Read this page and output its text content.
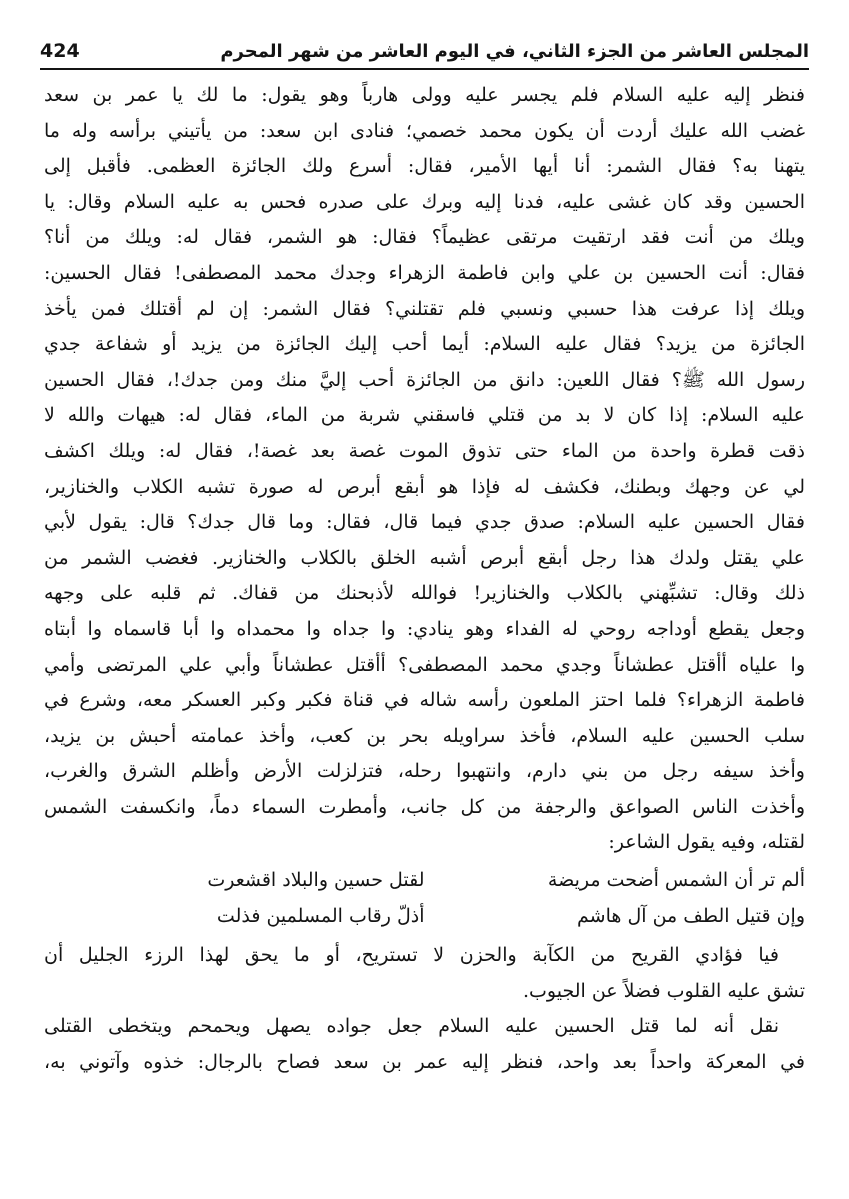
424	المجلس العاشر من الجزء الثاني، في اليوم العاشر من شهر المحرم
فنظر إليه عليه السلام فلم يجسر عليه وولى هارباً وهو يقول: ما لك يا عمر بن سعد
غضب الله عليك أردت أن يكون محمد خصمي؛ فنادى ابن سعد: من يأتيني برأسه وله ما
يتهنا به؟ فقال الشمر: أنا أيها الأمير، فقال: أسرع ولك الجائزة العظمى. فأقبل إلى
الحسين وقد كان غشى عليه، فدنا إليه وبرك على صدره فحس به عليه السلام وقال: يا
ويلك من أنت فقد ارتقيت مرتقى عظيماً؟ فقال: هو الشمر، فقال له: ويلك من أنا؟
فقال: أنت الحسين بن علي وابن فاطمة الزهراء وجدك محمد المصطفى! فقال الحسين:
ويلك إذا عرفت هذا حسبي ونسبي فلم تقتلني؟ فقال الشمر: إن لم أقتلك فمن يأخذ
الجائزة من يزيد؟ فقال عليه السلام: أيما أحب إليك الجائزة من يزيد أو شفاعة جدي
رسول الله ﷺ؟ فقال اللعين: دانق من الجائزة أحب إليَّ منك ومن جدك!، فقال الحسين
عليه السلام: إذا كان لا بد من قتلي فاسقني شربة من الماء، فقال له: هيهات والله لا
ذقت قطرة واحدة من الماء حتى تذوق الموت غصة بعد غصة!، فقال له: ويلك اكشف
لي عن وجهك وبطنك، فكشف له فإذا هو أبقع أبرص له صورة تشبه الكلاب والخنازير،
فقال الحسين عليه السلام: صدق جدي فيما قال، فقال: وما قال جدك؟ قال: يقول لأبي
علي يقتل ولدك هذا رجل أبقع أبرص أشبه الخلق بالكلاب والخنازير. فغضب الشمر من
ذلك وقال: تشبِّهني بالكلاب والخنازير! فوالله لأذبحنك من قفاك. ثم قلبه على وجهه
وجعل يقطع أوداجه روحي له الفداء وهو ينادي: وا جداه وا محمداه وا أبا قاسماه وا أبتاه
وا علياه أأقتل عطشاناً وجدي محمد المصطفى؟ أأقتل عطشاناً وأبي علي المرتضى وأمي
فاطمة الزهراء؟ فلما احتز الملعون رأسه شاله في قناة فكبر وكبر العسكر معه، وشرع في
سلب الحسين عليه السلام، فأخذ سراويله بحر بن كعب، وأخذ عمامته أحبش بن يزيد،
وأخذ سيفه رجل من بني دارم، وانتهبوا رحله، فتزلزلت الأرض وأظلم الشرق والغرب،
وأخذت الناس الصواعق والرجفة من كل جانب، وأمطرت السماء دماً، وانكسفت الشمس
لقتله، وفيه يقول الشاعر:
ألم تر أن الشمس أضحت مريضة
لقتل حسين والبلاد اقشعرت
وإن قتيل الطف من آل هاشم
أذلّ رقاب المسلمين فذلت
فيا فؤادي القريح من الكآبة والحزن لا تستريح، أو ما يحق لهذا الرزء الجليل أن
تشق عليه القلوب فضلاً عن الجيوب.
نقل أنه لما قتل الحسين عليه السلام جعل جواده يصهل ويحمحم ويتخطى القتلى
في المعركة واحداً بعد واحد، فنظر إليه عمر بن سعد فصاح بالرجال: خذوه وآتوني به،
